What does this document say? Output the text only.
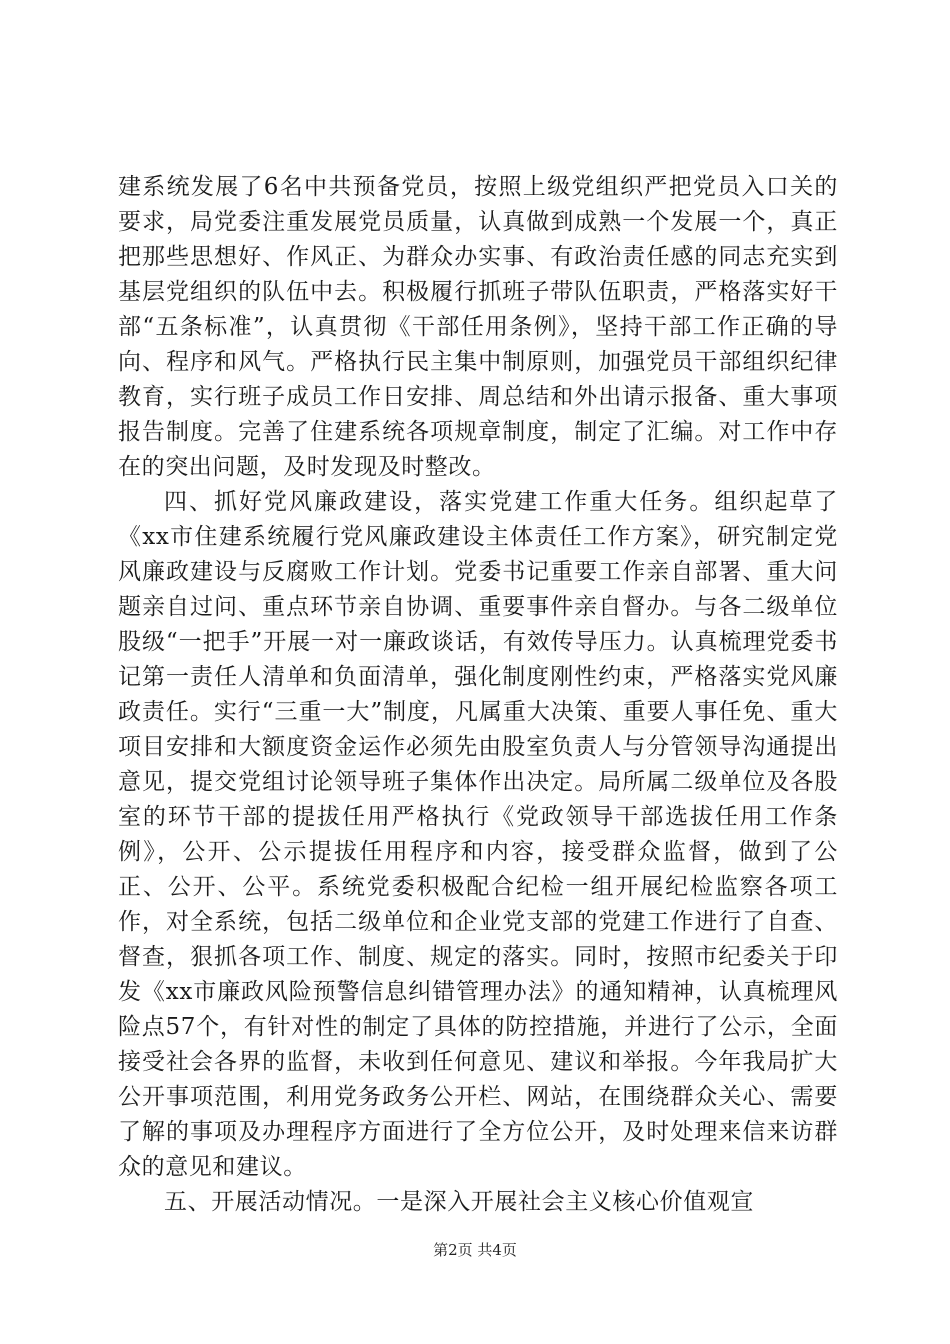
建系统发展了6名中共预备党员，按照上级党组织严把党员入口关的要求，局党委注重发展党员质量，认真做到成熟一个发展一个，真正把那些思想好、作风正、为群众办实事、有政治责任感的同志充实到基层党组织的队伍中去。积极履行抓班子带队伍职责，严格落实好干部“五条标准”，认真贯彻《干部任用条例》，坚持干部工作正确的导向、程序和风气。严格执行民主集中制原则，加强党员干部组织纪律教育，实行班子成员工作日安排、周总结和外出请示报备、重大事项报告制度。完善了住建系统各项规章制度，制定了汇编。对工作中存在的突出问题，及时发现及时整改。

四、抓好党风廉政建设，落实党建工作重大任务。组织起草了《xx市住建系统履行党风廉政建设主体责任工作方案》，研究制定党风廉政建设与反腐败工作计划。党委书记重要工作亲自部署、重大问题亲自过问、重点环节亲自协调、重要事件亲自督办。与各二级单位股级“一把手”开展一对一廉政谈话，有效传导压力。认真梳理党委书记第一责任人清单和负面清单，强化制度刚性约束，严格落实党风廉政责任。实行“三重一大”制度，凡属重大决策、重要人事任免、重大项目安排和大额度资金运作必须先由股室负责人与分管领导沟通提出意见，提交党组讨论领导班子集体作出决定。局所属二级单位及各股室的环节干部的提拔任用严格执行《党政领导干部选拔任用工作条例》，公开、公示提拔任用程序和内容，接受群众监督，做到了公正、公开、公平。系统党委积极配合纪检一组开展纪检监察各项工作，对全系统，包括二级单位和企业党支部的党建工作进行了自查、督查，狠抓各项工作、制度、规定的落实。同时，按照市纪委关于印发《xx市廉政风险预警信息纠错管理办法》的通知精神，认真梳理风险点57个，有针对性的制定了具体的防控措施，并进行了公示，全面接受社会各界的监督，未收到任何意见、建议和举报。今年我局扩大公开事项范围，利用党务政务公开栏、网站，在围绕群众关心、需要了解的事项及办理程序方面进行了全方位公开，及时处理来信来访群众的意见和建议。

五、开展活动情况。一是深入开展社会主义核心价值观宣

第2页 共4页
